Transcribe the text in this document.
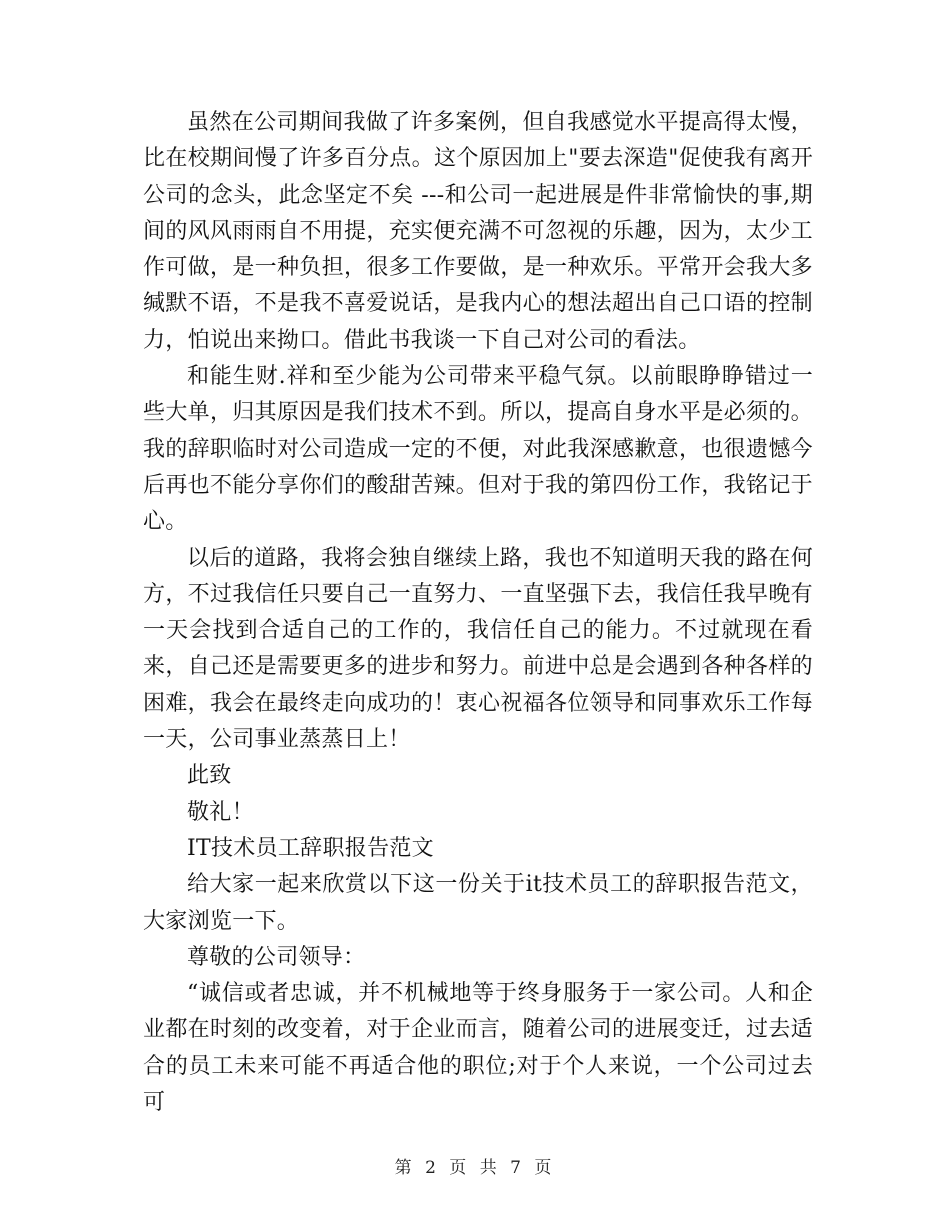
虽然在公司期间我做了许多案例，但自我感觉水平提高得太慢，比在校期间慢了许多百分点。这个原因加上"要去深造"促使我有离开公司的念头，此念坚定不矣 ---和公司一起进展是件非常愉快的事,期间的风风雨雨自不用提，充实便充满不可忽视的乐趣，因为，太少工作可做，是一种负担，很多工作要做，是一种欢乐。平常开会我大多缄默不语，不是我不喜爱说话，是我内心的想法超出自己口语的控制力，怕说出来拗口。借此书我谈一下自己对公司的看法。

和能生财.祥和至少能为公司带来平稳气氛。以前眼睁睁错过一些大单，归其原因是我们技术不到。所以，提高自身水平是必须的。我的辞职临时对公司造成一定的不便，对此我深感歉意，也很遗憾今后再也不能分享你们的酸甜苦辣。但对于我的第四份工作，我铭记于心。

以后的道路，我将会独自继续上路，我也不知道明天我的路在何方，不过我信任只要自己一直努力、一直坚强下去，我信任我早晚有一天会找到合适自己的工作的，我信任自己的能力。不过就现在看来，自己还是需要更多的进步和努力。前进中总是会遇到各种各样的困难，我会在最终走向成功的！衷心祝福各位领导和同事欢乐工作每一天，公司事业蒸蒸日上！

此致

敬礼！

IT技术员工辞职报告范文

给大家一起来欣赏以下这一份关于it技术员工的辞职报告范文，大家浏览一下。

尊敬的公司领导：

“诚信或者忠诚，并不机械地等于终身服务于一家公司。人和企业都在时刻的改变着，对于企业而言，随着公司的进展变迁，过去适合的员工未来可能不再适合他的职位;对于个人来说，一个公司过去可

第 2 页 共 7 页
